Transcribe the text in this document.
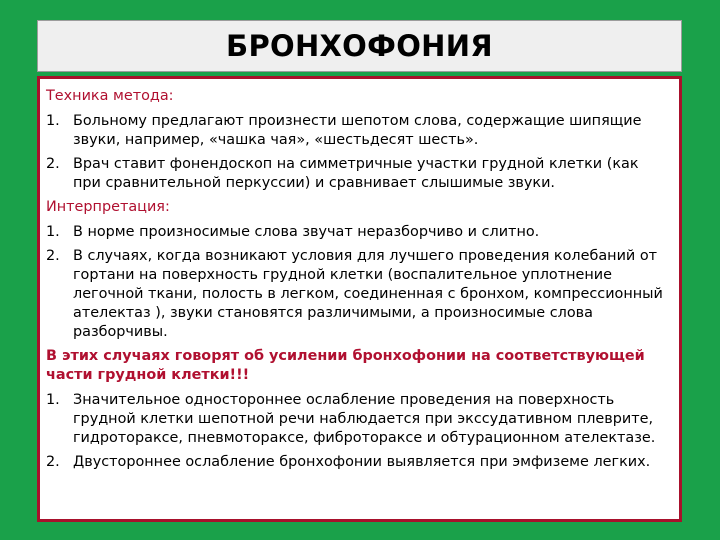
БРОНХОФОНИЯ
Техника метода:
1. Больному предлагают произнести шепотом слова, содержащие шипящие звуки, например, «чашка чая», «шестьдесят шесть».
2. Врач ставит фонендоскоп на симметричные участки грудной клетки (как при сравнительной перкуссии) и сравнивает слышимые звуки.
Интерпретация:
1. В норме произносимые слова звучат неразборчиво и слитно.
2. В случаях, когда возникают условия для лучшего проведения колебаний от гортани на поверхность грудной клетки (воспалительное уплотнение легочной ткани, полость в легком, соединенная с бронхом, компрессионный ателектаз ), звуки становятся различимыми, а произносимые слова разборчивы.
В этих случаях говорят об усилении бронхофонии на соответствующей части грудной клетки!!!
1. Значительное одностороннее ослабление проведения на поверхность грудной клетки шепотной речи наблюдается при экссудативном плеврите, гидротораксе, пневмотораксе, фибротораксе и обтурационном ателектазе.
2. Двустороннее ослабление бронхофонии выявляется при эмфиземе легких.
